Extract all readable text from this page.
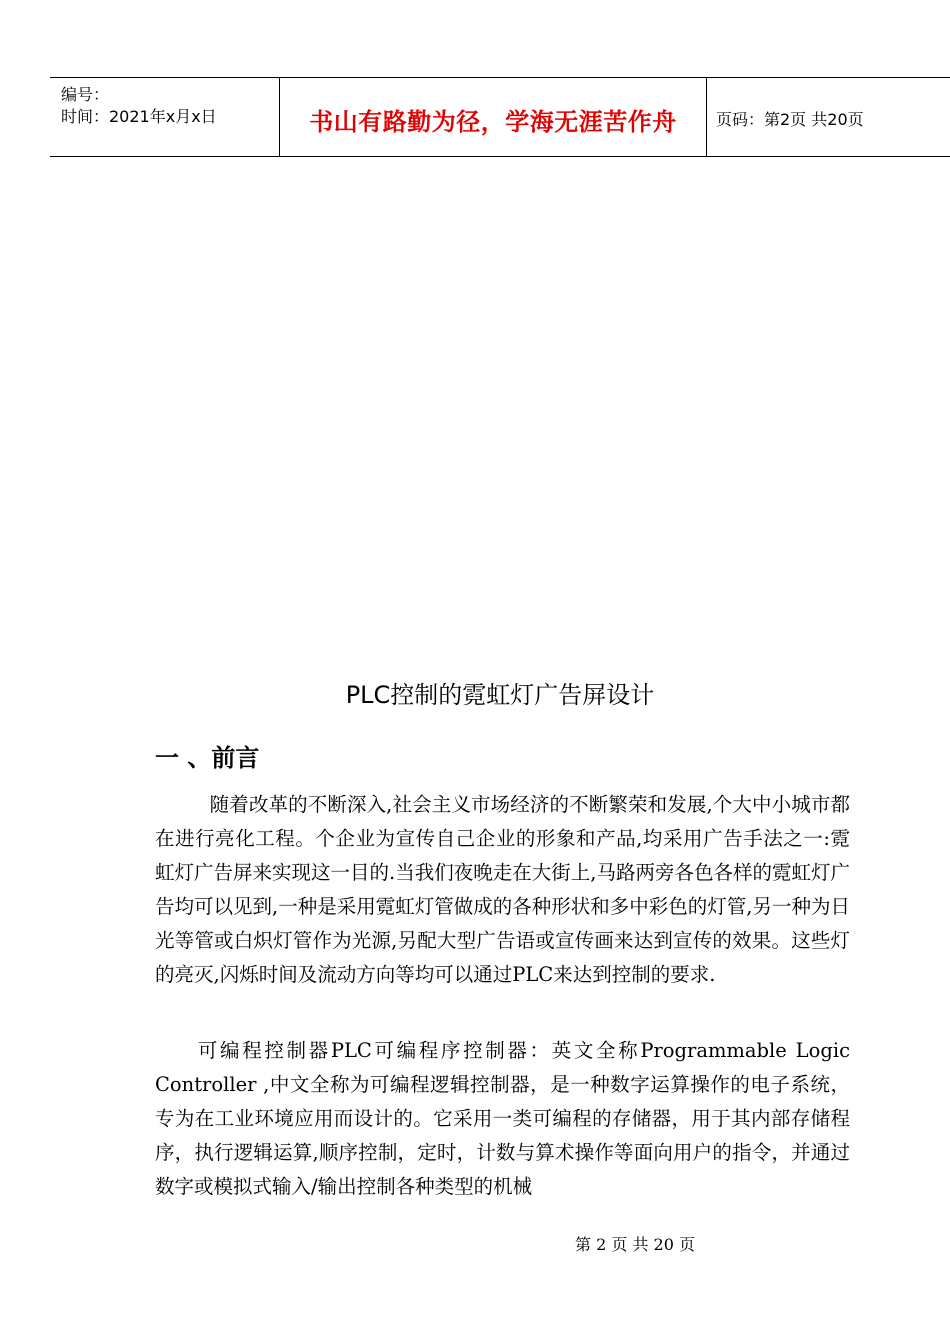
编号：
时间：2021年x月x日	书山有路勤为径，学海无涯苦作舟	页码：第2页 共20页
PLC控制的霓虹灯广告屏设计
一 、前言
随着改革的不断深入,社会主义市场经济的不断繁荣和发展,个大中小城市都在进行亮化工程。个企业为宣传自己企业的形象和产品,均采用广告手法之一:霓虹灯广告屏来实现这一目的.当我们夜晚走在大街上,马路两旁各色各样的霓虹灯广告均可以见到,一种是采用霓虹灯管做成的各种形状和多中彩色的灯管,另一种为日光等管或白炽灯管作为光源,另配大型广告语或宣传画来达到宣传的效果。这些灯的亮灭,闪烁时间及流动方向等均可以通过PLC来达到控制的要求.
可编程控制器PLC可编程序控制器：英文全称Programmable Logic Controller ,中文全称为可编程逻辑控制器，是一种数字运算操作的电子系统，专为在工业环境应用而设计的。它采用一类可编程的存储器，用于其内部存储程序，执行逻辑运算,顺序控制，定时，计数与算术操作等面向用户的指令，并通过数字或模拟式输入/输出控制各种类型的机械
第 2 页 共 20 页
